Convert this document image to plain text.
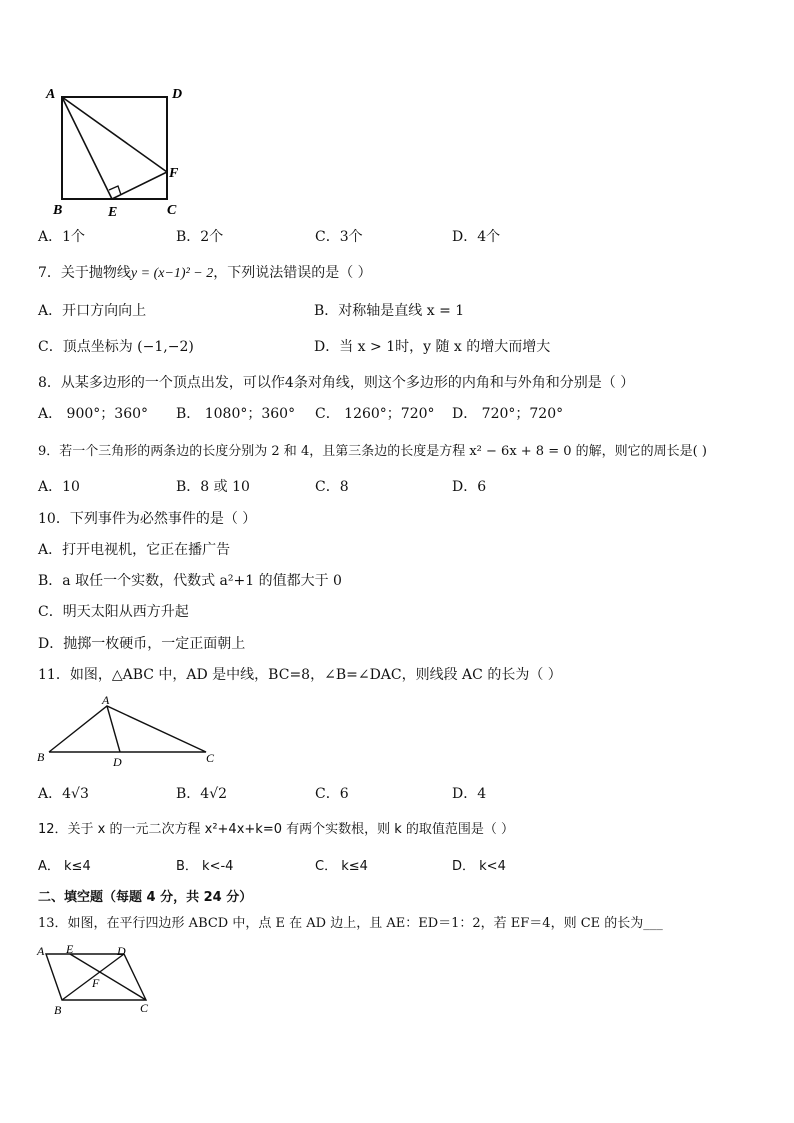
A	D
F
B	E	C
A．1个	B．2个	C．3个	D．4个
7．关于抛物线y = (x−1)² − 2，下列说法错误的是（ ）
A．开口方向向上	B．对称轴是直线 x = 1
C．顶点坐标为 (−1,−2)	D．当 x > 1时，y 随 x 的增大而增大
8．从某多边形的一个顶点出发，可以作4条对角线，则这个多边形的内角和与外角和分别是（ ）
A． 900°；360° B． 1080°；360° C． 1260°；720° D． 720°；720°
9．若一个三角形的两条边的长度分别为 2 和 4，且第三条边的长度是方程 x² − 6x + 8 = 0 的解，则它的周长是( )
A．10	B．8 或 10	C．8	D．6
10．下列事件为必然事件的是（ ）
A．打开电视机，它正在播广告
B．a 取任一个实数，代数式 a²+1 的值都大于 0
C．明天太阳从西方升起
D．抛掷一枚硬币，一定正面朝上
11．如图，△ABC 中，AD 是中线，BC=8，∠B=∠DAC，则线段 AC 的长为（ ）
A
B	D	C
A．4√3	B．4√2	C．6	D．4
12．关于 x 的一元二次方程 x²+4x+k=0 有两个实数根，则 k 的取值范围是（ ）
A． k≤4	B． k<-4	C． k≤4	D． k<4
二、填空题（每题 4 分，共 24 分）
13．如图，在平行四边形 ABCD 中，点 E 在 AD 边上，且 AE：ED＝1：2，若 EF＝4，则 CE 的长为___
A E	D
F
B	C
